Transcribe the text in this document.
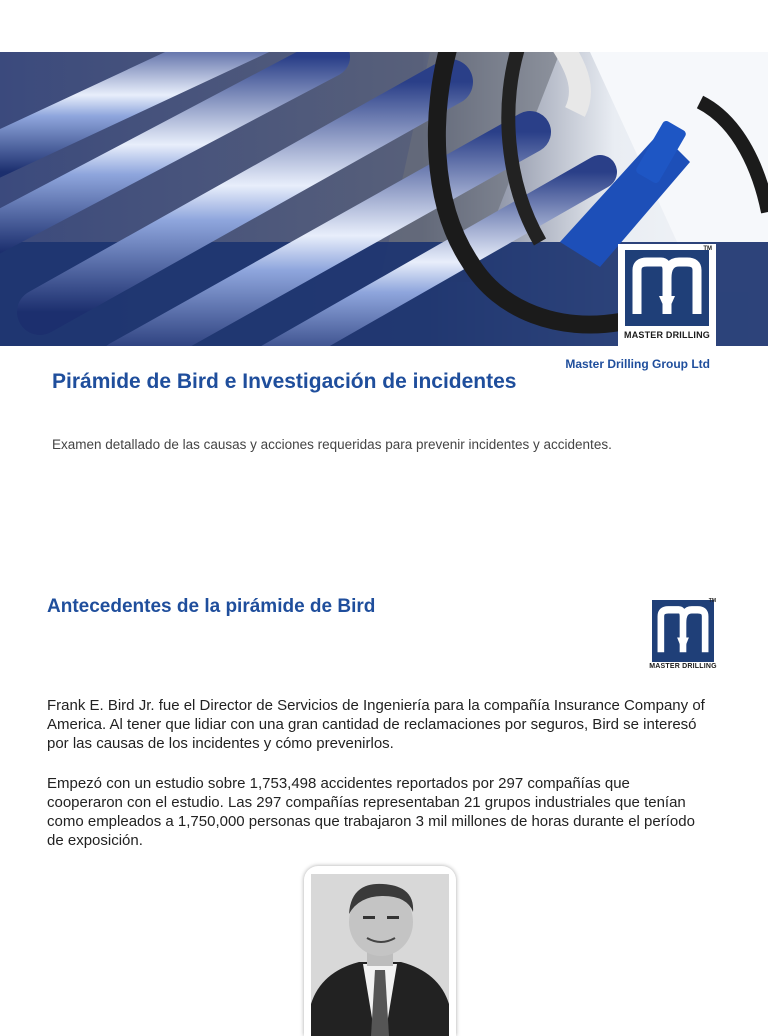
TM
MASTER DRILLING
Master Drilling Group Ltd
Pirámide de Bird e Investigación de incidentes

Examen detallado de las causas y acciones requeridas para prevenir incidentes y accidentes.

Antecedentes de la pirámide de Bird	TM
MASTER DRILLING

Frank E. Bird Jr. fue el Director de Servicios de Ingeniería para la compañía Insurance Company of America. Al tener que lidiar con una gran cantidad de reclamaciones por seguros, Bird se interesó por las causas de los incidentes y cómo prevenirlos.

Empezó con un estudio sobre 1,753,498 accidentes reportados por 297 compañías que cooperaron con el estudio. Las 297 compañías representaban 21 grupos industriales que tenían como empleados a 1,750,000 personas que trabajaron 3 mil millones de horas durante el período de exposición.
